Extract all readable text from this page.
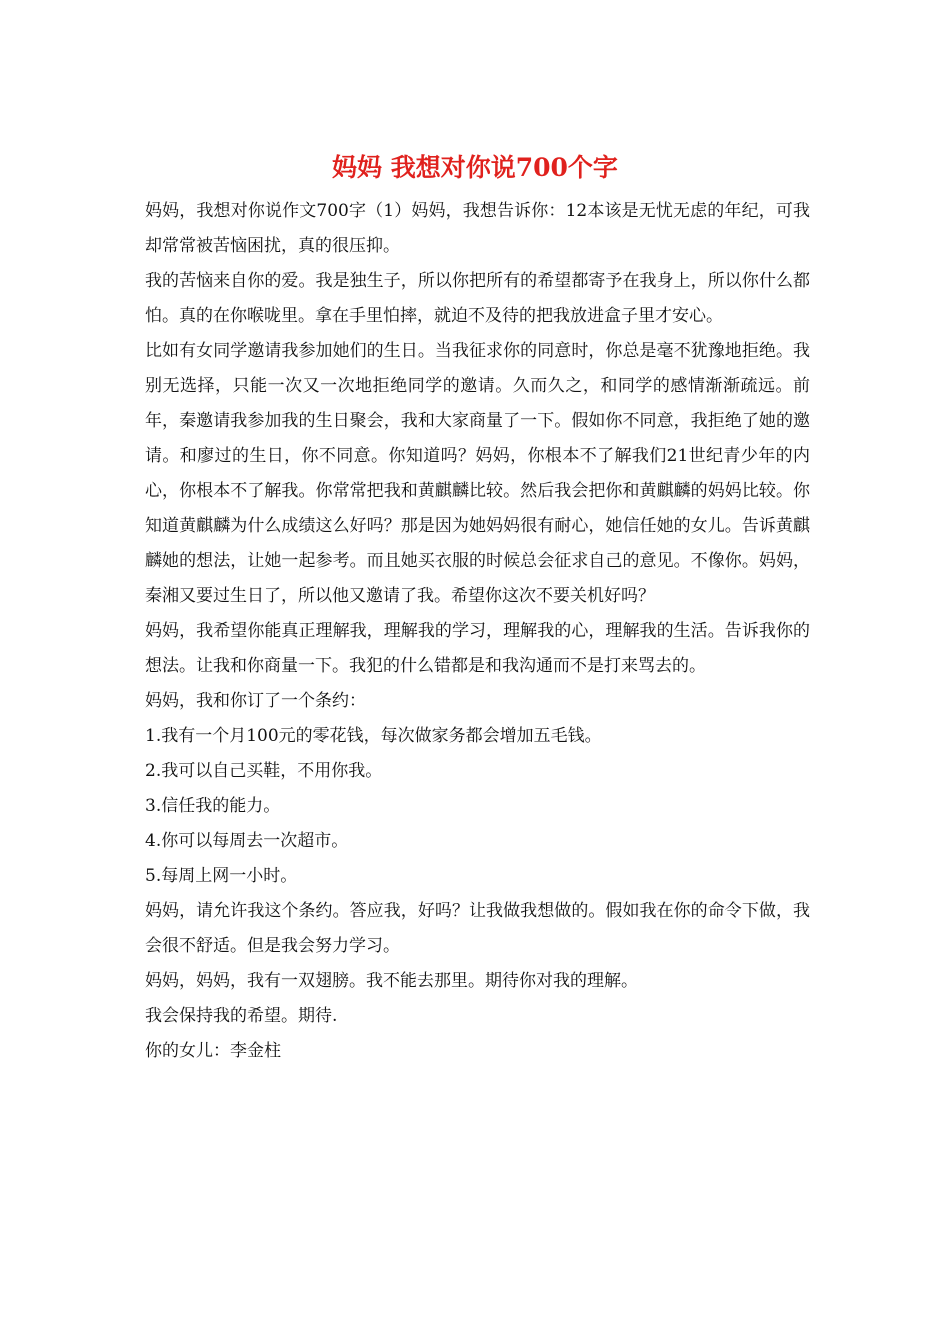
妈妈 我想对你说700个字

妈妈，我想对你说作文700字（1）妈妈，我想告诉你：12本该是无忧无虑的年纪，可我却常常被苦恼困扰，真的很压抑。

我的苦恼来自你的爱。我是独生子，所以你把所有的希望都寄予在我身上，所以你什么都怕。真的在你喉咙里。拿在手里怕摔，就迫不及待的把我放进盒子里才安心。

比如有女同学邀请我参加她们的生日。当我征求你的同意时，你总是毫不犹豫地拒绝。我别无选择，只能一次又一次地拒绝同学的邀请。久而久之，和同学的感情渐渐疏远。前年，秦邀请我参加我的生日聚会，我和大家商量了一下。假如你不同意，我拒绝了她的邀请。和廖过的生日，你不同意。你知道吗？妈妈，你根本不了解我们21世纪青少年的内心，你根本不了解我。你常常把我和黄麒麟比较。然后我会把你和黄麒麟的妈妈比较。你知道黄麒麟为什么成绩这么好吗？那是因为她妈妈很有耐心，她信任她的女儿。告诉黄麒麟她的想法，让她一起参考。而且她买衣服的时候总会征求自己的意见。不像你。妈妈，秦湘又要过生日了，所以他又邀请了我。希望你这次不要关机好吗？

妈妈，我希望你能真正理解我，理解我的学习，理解我的心，理解我的生活。告诉我你的想法。让我和你商量一下。我犯的什么错都是和我沟通而不是打来骂去的。

妈妈，我和你订了一个条约：

1.我有一个月100元的零花钱，每次做家务都会增加五毛钱。

2.我可以自己买鞋，不用你我。

3.信任我的能力。

4.你可以每周去一次超市。

5.每周上网一小时。

妈妈，请允许我这个条约。答应我，好吗？让我做我想做的。假如我在你的命令下做，我会很不舒适。但是我会努力学习。

妈妈，妈妈，我有一双翅膀。我不能去那里。期待你对我的理解。

我会保持我的希望。期待.

你的女儿：李金柱
